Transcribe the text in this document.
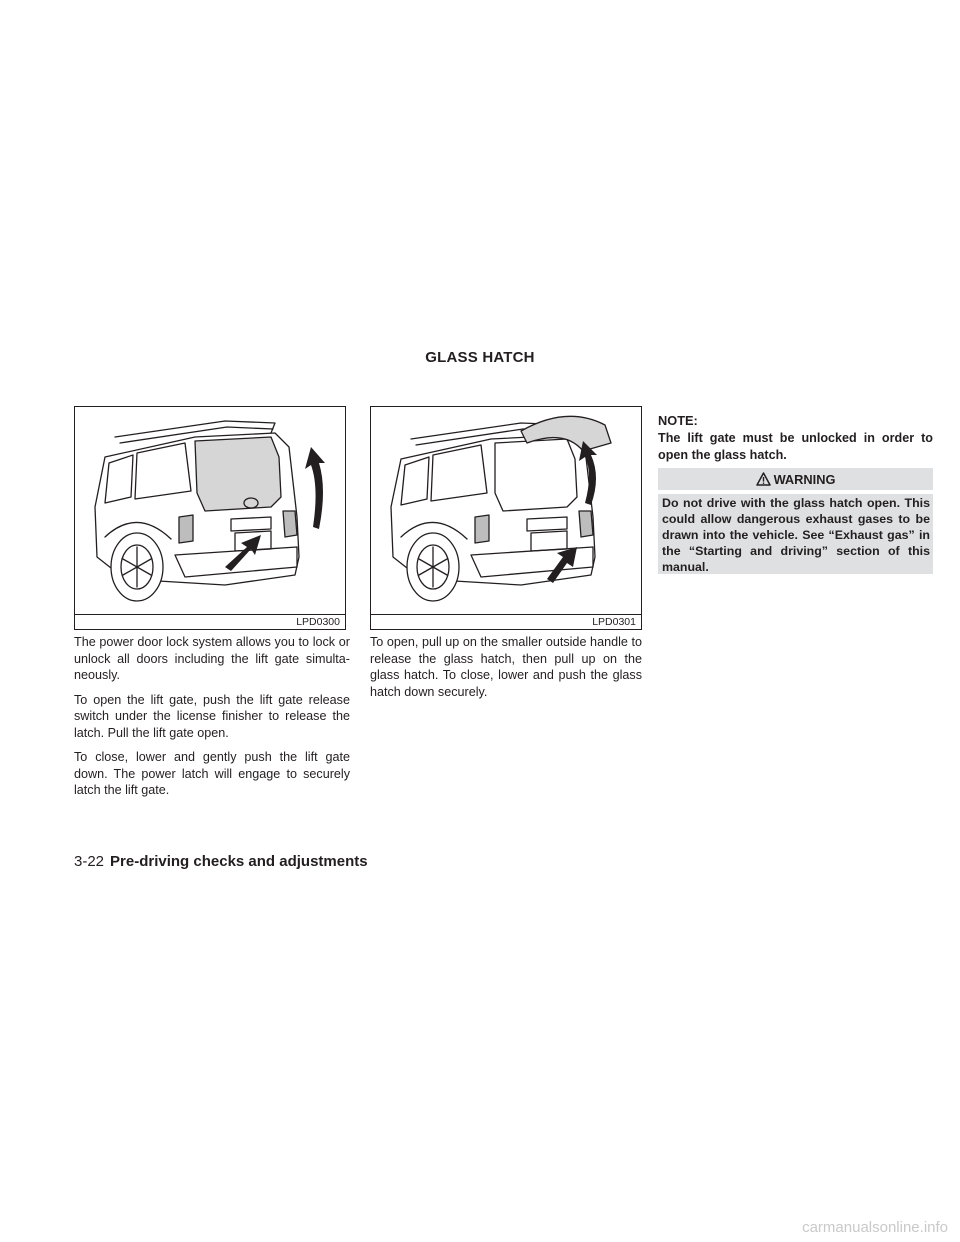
GLASS HATCH
LPD0300	LPD0301

The power door lock system allows you to lock or unlock all doors including the lift gate simulta-neously.

To open the lift gate, push the lift gate release switch under the license finisher to release the latch. Pull the lift gate open.

To close, lower and gently push the lift gate down. The power latch will engage to securely latch the lift gate.

To open, pull up on the smaller outside handle to release the glass hatch, then pull up on the glass hatch. To close, lower and push the glass hatch down securely.

NOTE:
The lift gate must be unlocked in order to open the glass hatch.
WARNING
Do not drive with the glass hatch open. This could allow dangerous exhaust gases to be drawn into the vehicle. See “Exhaust gas” in the “Starting and driving” section of this manual.
3-22 Pre-driving checks and adjustments
carmanualsonline.info
